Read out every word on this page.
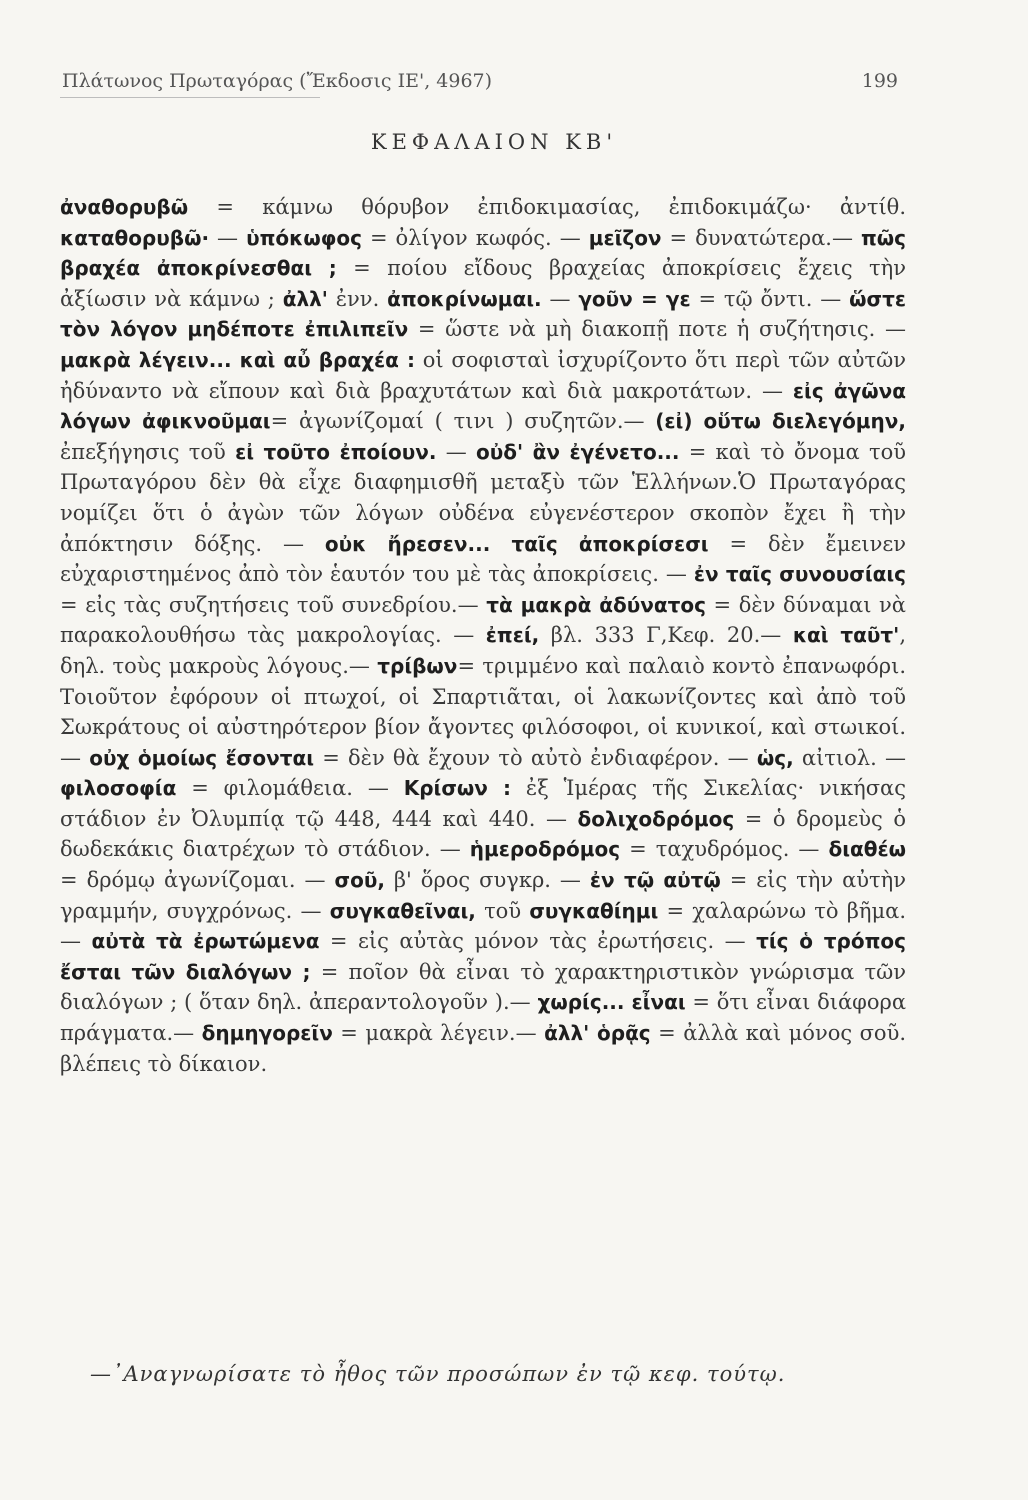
Πλάτωνος Πρωταγόρας (Ἔκδοσις ΙΕ', 4967)	199
ΚΕΦΑΛΑΙΟΝ ΚΒ'

ἀναθορυβῶ = κάμνω θόρυβον ἐπιδοκιμασίας, ἐπιδοκιμάζω· ἀντίθ. καταθορυβῶ· — ὑπόκωφος = ὀλίγον κωφός. — μεῖζον = δυνατώτερα.— πῶς βραχέα ἀποκρίνεσθαι ; = ποίου εἴδους βραχείας ἀποκρίσεις ἔχεις τὴν ἀξίωσιν νὰ κάμνω ; ἀλλ' ἐνν. ἀποκρίνωμαι. — γοῦν = γε = τῷ ὄντι. — ὥστε τὸν λόγον μηδέποτε ἐπιλιπεῖν = ὥστε νὰ μὴ διακοπῇ ποτε ἡ συζήτησις. — μακρὰ λέγειν... καὶ αὖ βραχέα : οἱ σοφισταὶ ἰσχυρίζοντο ὅτι περὶ τῶν αὐτῶν ἠδύναντο νὰ εἴπουν καὶ διὰ βραχυτάτων καὶ διὰ μακροτάτων. — εἰς ἀγῶνα λόγων ἀφικνοῦμαι= ἀγωνίζομαί ( τινι ) συζητῶν.— (εἰ) οὕτω διελεγόμην, ἐπεξήγησις τοῦ εἰ τοῦτο ἐποίουν. — οὐδ' ἂν ἐγένετο... = καὶ τὸ ὄνομα τοῦ Πρωταγόρου δὲν θὰ εἶχε διαφημισθῆ μεταξὺ τῶν Ἑλλήνων.Ὁ Πρωταγόρας νομίζει ὅτι ὁ ἀγὼν τῶν λόγων οὐδένα εὐγενέστερον σκοπὸν ἔχει ἢ τὴν ἀπόκτησιν δόξης. — οὐκ ἤρεσεν... ταῖς ἀποκρίσεσι = δὲν ἔμεινεν εὐχαριστημένος ἀπὸ τὸν ἑαυτόν του μὲ τὰς ἀποκρίσεις. — ἐν ταῖς συνουσίαις = εἰς τὰς συζητήσεις τοῦ συνεδρίου.— τὰ μακρὰ ἀδύνατος = δὲν δύναμαι νὰ παρακολουθήσω τὰς μακρολογίας. — ἐπεί, βλ. 333 Γ,Κεφ. 20.— καὶ ταῦτ', δηλ. τοὺς μακροὺς λόγους.— τρίβων= τριμμένο καὶ παλαιὸ κοντὸ ἐπανωφόρι. Τοιοῦτον ἐφόρουν οἱ πτωχοί, οἱ Σπαρτιᾶται, οἱ λακωνίζοντες καὶ ἀπὸ τοῦ Σωκράτους οἱ αὐστηρότερον βίον ἄγοντες φιλόσοφοι, οἱ κυνικοί, καὶ στωικοί. — οὐχ ὁμοίως ἔσονται = δὲν θὰ ἔχουν τὸ αὐτὸ ἐνδιαφέρον. — ὡς, αἰτιολ. — φιλοσοφία = φιλομάθεια. — Κρίσων : ἐξ Ἱμέρας τῆς Σικελίας· νικήσας στάδιον ἐν Ὀλυμπίᾳ τῷ 448, 444 καὶ 440. — δολιχοδρόμος = ὁ δρομεὺς ὁ δωδεκάκις διατρέχων τὸ στάδιον. — ἡμεροδρόμος = ταχυδρόμος. — διαθέω = δρόμῳ ἀγωνίζομαι. — σοῦ, β' ὅρος συγκρ. — ἐν τῷ αὐτῷ = εἰς τὴν αὐτὴν γραμμήν, συγχρόνως. — συγκαθεῖναι, τοῦ συγκαθίημι = χαλαρώνω τὸ βῆμα. — αὐτὰ τὰ ἐρωτώμενα = εἰς αὐτὰς μόνον τὰς ἐρωτήσεις. — τίς ὁ τρόπος ἔσται τῶν διαλόγων ; = ποῖον θὰ εἶναι τὸ χαρακτηριστικὸν γνώρισμα τῶν διαλόγων ; ( ὅταν δηλ. ἀπεραντολογοῦν ).— χωρίς... εἶναι = ὅτι εἶναι διάφορα πράγματα.— δημηγορεῖν = μακρὰ λέγειν.— ἀλλ' ὁρᾷς = ἀλλὰ καὶ μόνος σοῦ. βλέπεις τὸ δίκαιον.

—᾿Αναγνωρίσατε τὸ ἦθος τῶν προσώπων ἐν τῷ κεφ. τούτῳ.
